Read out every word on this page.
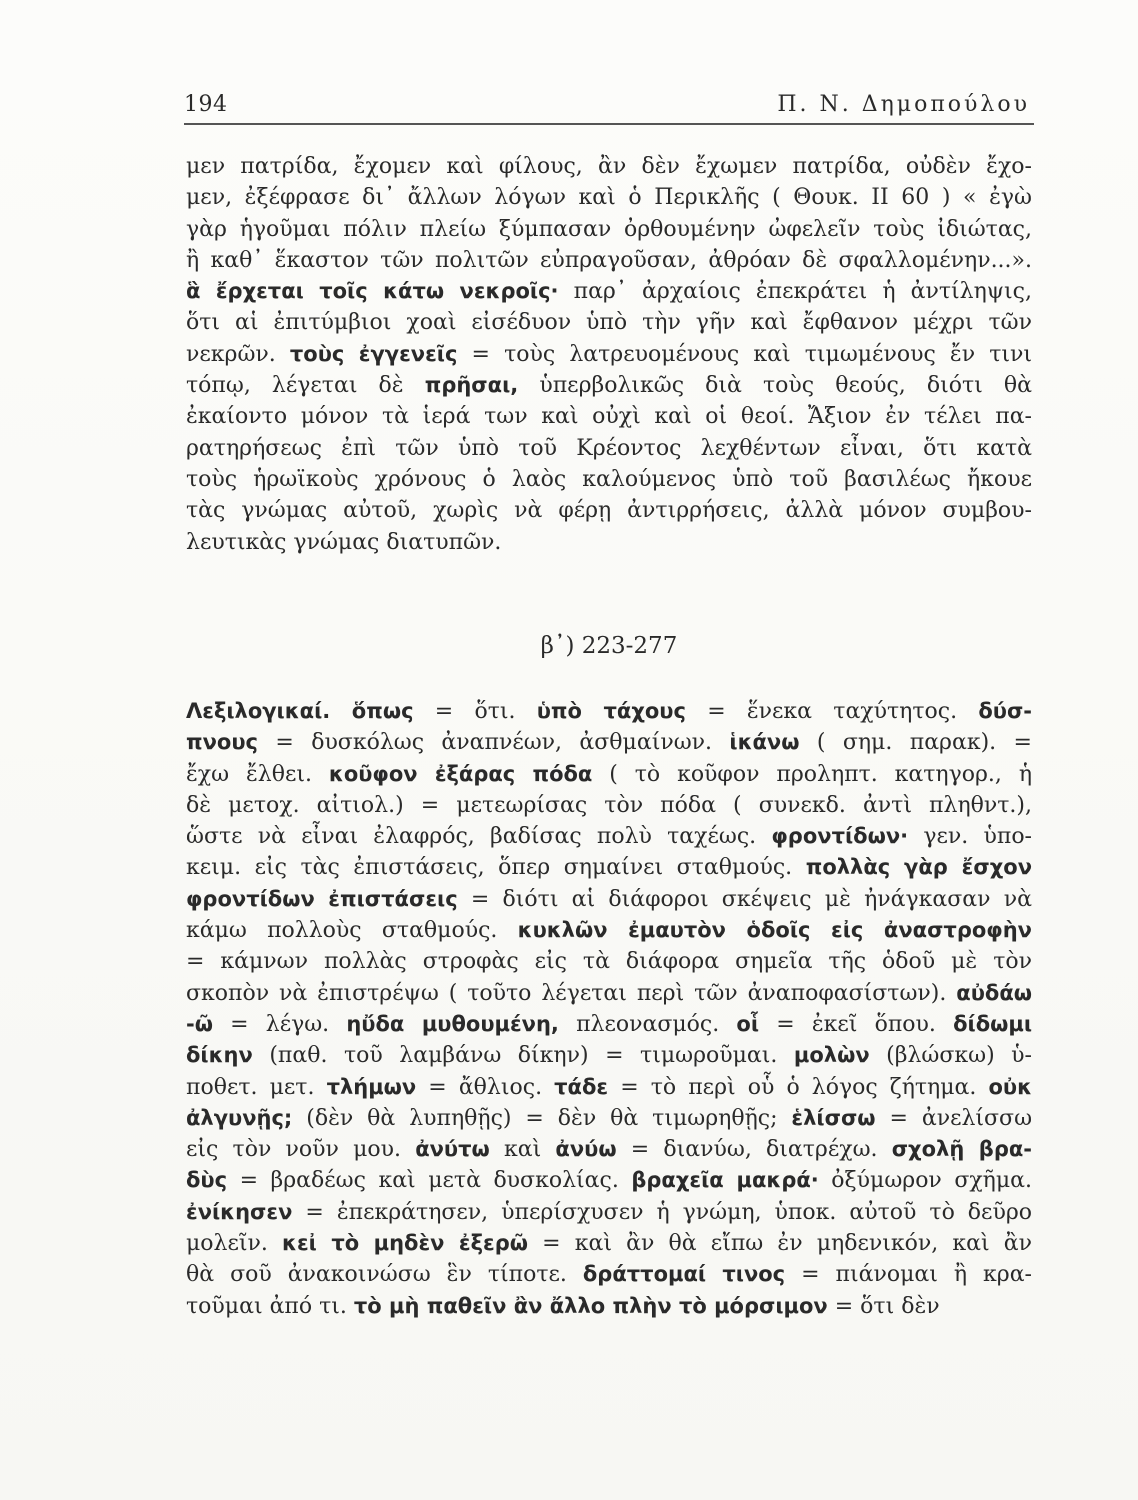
194	Π. Ν. Δημοπούλου
μεν πατρίδα, ἔχομεν καὶ φίλους, ἂν δὲν ἔχωμεν πατρίδα, οὐδὲν ἔχο-
μεν, ἐξέφρασε δι᾽ ἄλλων λόγων καὶ ὁ Περικλῆς ( Θουκ. ΙΙ 60 ) « ἐγὼ
γὰρ ἡγοῦμαι πόλιν πλείω ξύμπασαν ὀρθουμένην ὠφελεῖν τοὺς ἰδιώτας,
ἢ καθ᾽ ἕκαστον τῶν πολιτῶν εὐπραγοῦσαν, ἀθρόαν δὲ σφαλλομένην...».
ἃ ἔρχεται τοῖς κάτω νεκροῖς· παρ᾽ ἀρχαίοις ἐπεκράτει ἡ ἀντίληψις,
ὅτι αἱ ἐπιτύμβιοι χοαὶ εἰσέδυον ὑπὸ τὴν γῆν καὶ ἔφθανον μέχρι τῶν
νεκρῶν. τοὺς ἐγγενεῖς = τοὺς λατρευομένους καὶ τιμωμένους ἔν τινι
τόπῳ, λέγεται δὲ πρῆσαι, ὑπερβολικῶς διὰ τοὺς θεούς, διότι θὰ
ἐκαίοντο μόνον τὰ ἱερά των καὶ οὐχὶ καὶ οἱ θεοί. Ἄξιον ἐν τέλει πα-
ρατηρήσεως ἐπὶ τῶν ὑπὸ τοῦ Κρέοντος λεχθέντων εἶναι, ὅτι κατὰ
τοὺς ἡρωϊκοὺς χρόνους ὁ λαὸς καλούμενος ὑπὸ τοῦ βασιλέως ἤκουε
τὰς γνώμας αὐτοῦ, χωρὶς νὰ φέρῃ ἀντιρρήσεις, ἀλλὰ μόνον συμβου-
λευτικὰς γνώμας διατυπῶν.
β᾽) 223-277
Λεξιλογικαί. ὅπως = ὅτι. ὑπὸ τάχους = ἕνεκα ταχύτητος. δύσ-
πνους = δυσκόλως ἀναπνέων, ἀσθμαίνων. ἱκάνω ( σημ. παρακ). =
ἔχω ἔλθει. κοῦφον ἐξάρας πόδα ( τὸ κοῦφον προληπτ. κατηγορ., ἡ
δὲ μετοχ. αἰτιολ.) = μετεωρίσας τὸν πόδα ( συνεκδ. ἀντὶ πληθντ.),
ὥστε νὰ εἶναι ἐλαφρός, βαδίσας πολὺ ταχέως. φροντίδων· γεν. ὑπο-
κειμ. εἰς τὰς ἐπιστάσεις, ὅπερ σημαίνει σταθμούς. πολλὰς γὰρ ἔσχον
φροντίδων ἐπιστάσεις = διότι αἱ διάφοροι σκέψεις μὲ ἠνάγκασαν νὰ
κάμω πολλοὺς σταθμούς. κυκλῶν ἐμαυτὸν ὁδοῖς εἰς ἀναστροφὴν
= κάμνων πολλὰς στροφὰς εἰς τὰ διάφορα σημεῖα τῆς ὁδοῦ μὲ τὸν
σκοπὸν νὰ ἐπιστρέψω ( τοῦτο λέγεται περὶ τῶν ἀναποφασίστων). αὐδάω
-ῶ = λέγω. ηὔδα μυθουμένη, πλεονασμός. οἷ = ἐκεῖ ὅπου. δίδωμι
δίκην (παθ. τοῦ λαμβάνω δίκην) = τιμωροῦμαι. μολὼν (βλώσκω) ὑ-
ποθετ. μετ. τλήμων = ἄθλιος. τάδε = τὸ περὶ οὗ ὁ λόγος ζήτημα. οὐκ
ἀλγυνῇς; (δὲν θὰ λυπηθῇς) = δὲν θὰ τιμωρηθῇς; ἑλίσσω = ἀνελίσσω
εἰς τὸν νοῦν μου. ἀνύτω καὶ ἀνύω = διανύω, διατρέχω. σχολῇ βρα-
δὺς = βραδέως καὶ μετὰ δυσκολίας. βραχεῖα μακρά· ὀξύμωρον σχῆμα.
ἐνίκησεν = ἐπεκράτησεν, ὑπερίσχυσεν ἡ γνώμη, ὑποκ. αὐτοῦ τὸ δεῦρο
μολεῖν. κεἰ τὸ μηδὲν ἐξερῶ = καὶ ἂν θὰ εἴπω ἐν μηδενικόν, καὶ ἂν
θὰ σοῦ ἀνακοινώσω ἓν τίποτε. δράττομαί τινος = πιάνομαι ἢ κρα-
τοῦμαι ἀπό τι. τὸ μὴ παθεῖν ἂν ἄλλο πλὴν τὸ μόρσιμον = ὅτι δὲν
